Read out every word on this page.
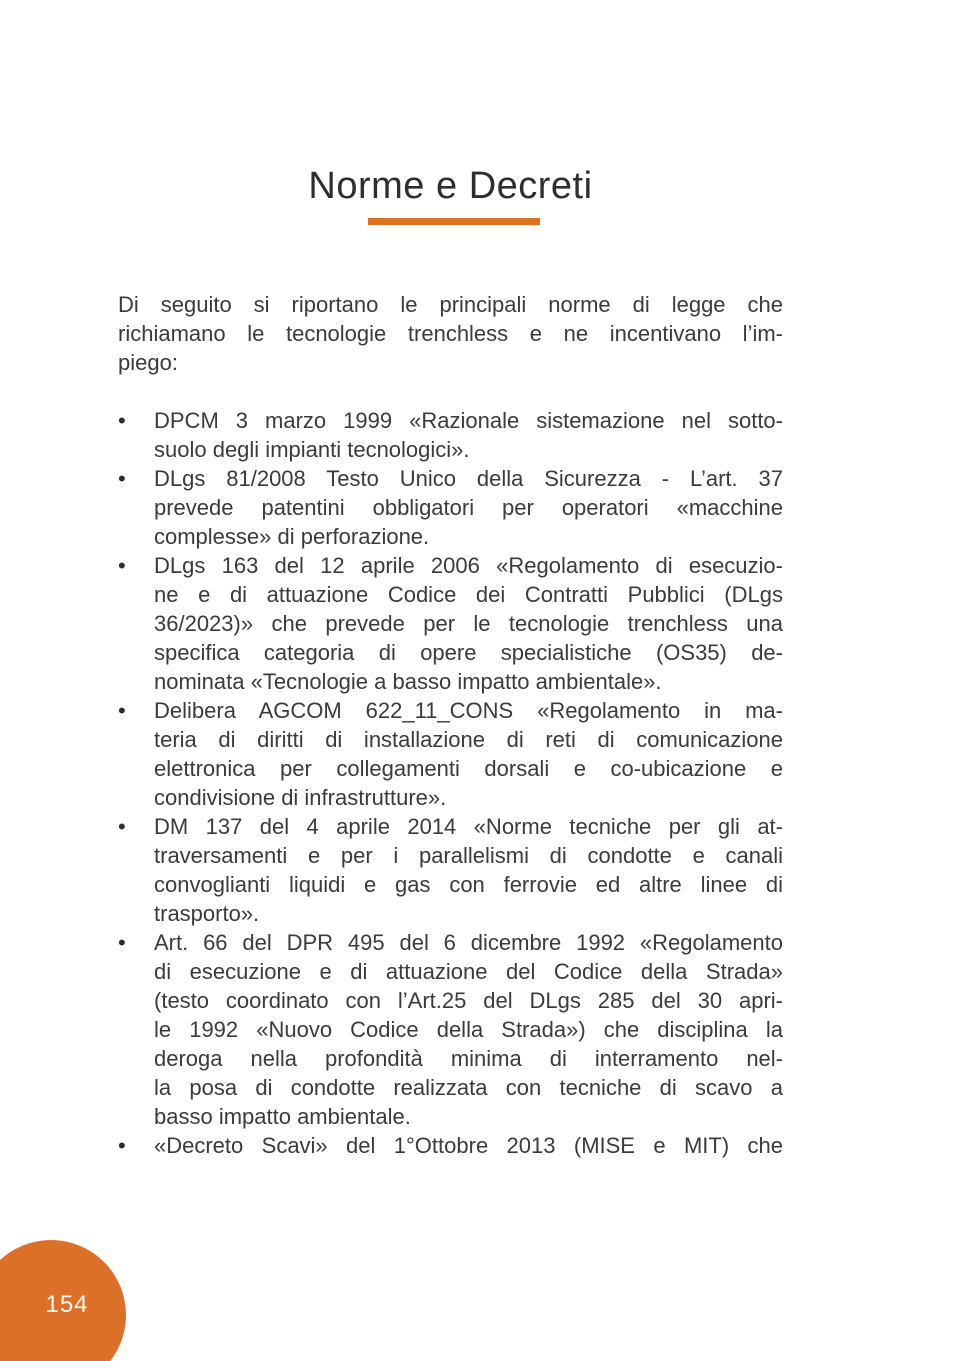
Norme e Decreti
Di seguito si riportano le principali norme di legge che
richiamano le tecnologie trenchless e ne incentivano l’im-
piego:
•	DPCM 3 marzo 1999 «Razionale sistemazione nel sotto-
suolo degli impianti tecnologici».
•	DLgs 81/2008 Testo Unico della Sicurezza - L’art. 37
prevede patentini obbligatori per operatori «macchine
complesse» di perforazione.
•	DLgs 163 del 12 aprile 2006 «Regolamento di esecuzio-
ne e di attuazione Codice dei Contratti Pubblici (DLgs
36/2023)» che prevede per le tecnologie trenchless una
specifica categoria di opere specialistiche (OS35) de-
nominata «Tecnologie a basso impatto ambientale».
•	Delibera AGCOM 622_11_CONS «Regolamento in ma-
teria di diritti di installazione di reti di comunicazione
elettronica per collegamenti dorsali e co-ubicazione e
condivisione di infrastrutture».
•	DM 137 del 4 aprile 2014 «Norme tecniche per gli at-
traversamenti e per i parallelismi di condotte e canali
convoglianti liquidi e gas con ferrovie ed altre linee di
trasporto».
•	Art. 66 del DPR 495 del 6 dicembre 1992 «Regolamento
di esecuzione e di attuazione del Codice della Strada»
(testo coordinato con l’Art.25 del DLgs 285 del 30 apri-
le 1992 «Nuovo Codice della Strada») che disciplina la
deroga nella profondità minima di interramento nel-
la posa di condotte realizzata con tecniche di scavo a
basso impatto ambientale.
•	«Decreto Scavi» del 1°Ottobre 2013 (MISE e MIT) che
154
